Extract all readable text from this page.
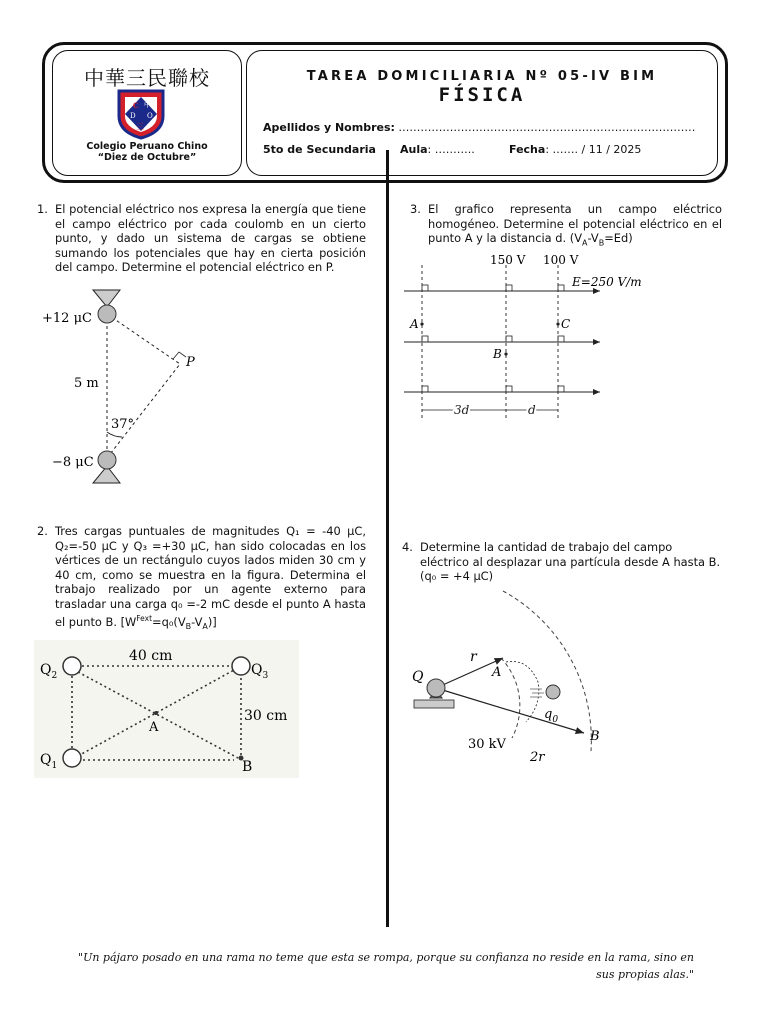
中華三民聯校
C 中
D O
三
Colegio Peruano Chino
“Diez de Octubre”
TAREA DOMICILIARIA Nº 05-IV BIM
FÍSICA
Apellidos y Nombres: ………………………………………………………………………
5to de Secundaria Aula: ………..	Fecha: ……. / 11 / 2025
1. El potencial eléctrico nos expresa la energía que tiene el campo eléctrico por cada coulomb en un cierto punto, y dado un sistema de cargas se obtiene sumando los potenciales que hay en cierta posición del campo. Determine el potencial eléctrico en P.
+12 μC
−8 μC
5 m
37°
P
3. El grafico representa un campo eléctrico homogéneo. Determine el potencial eléctrico en el punto A y la distancia d. $(V_A-V_B=Ed)$
150 V 100 V
E=250 V/m
A
B
C
3d	d
2. Tres cargas puntuales de magnitudes Q₁ = -40 μC, Q₂=-50 μC y Q₃ =+30 μC, han sido colocadas en los vértices de un rectángulo cuyos lados miden 30 cm y 40 cm, como se muestra en la figura. Determina el trabajo realizado por un agente externo para trasladar una carga q₀ =-2 mC desde el punto A hasta el punto B. $[W^{Fext}=q_0(V_B-V_A)]$
$Q_2$	$Q_3$
$Q_1$
40 cm
30 cm
A
B
4. Determine la cantidad de trabajo del campo eléctrico al desplazar una partícula desde A hasta B.
(q₀ = +4 μC)
Q
r
A
$q_0$
B
30 kV
2r
"Un pájaro posado en una rama no teme que esta se rompa, porque su confianza no reside en la rama, sino en
sus propias alas."
